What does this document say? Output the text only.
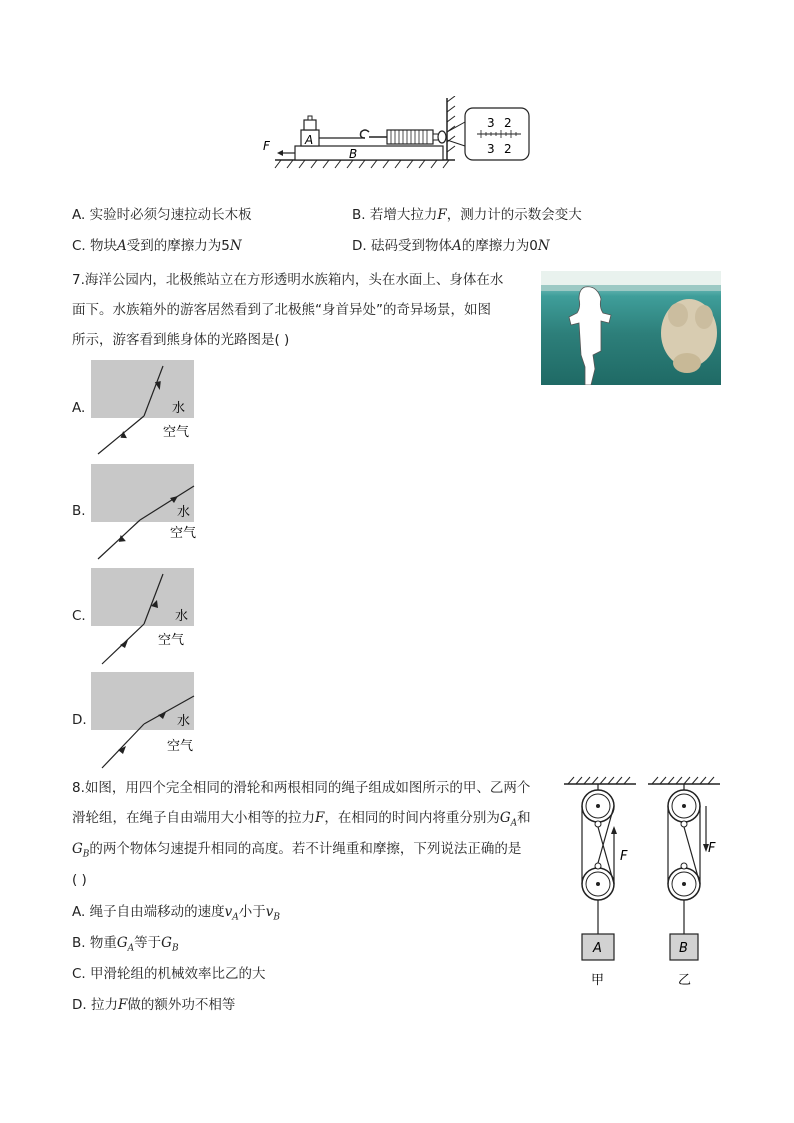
3 2
3 2
F	A
B
A. 实验时必须匀速拉动长木板	B. 若增大拉力F，测力计的示数会变大
C. 物块A受到的摩擦力为5N	D. 砝码受到物体A的摩擦力为0N
7.海洋公园内，北极熊站立在方形透明水族箱内，头在水面上、身体在水
面下。水族箱外的游客居然看到了北极熊“身首异处”的奇异场景，如图
所示，游客看到熊身体的光路图是( )
A.	水
空气
B.	水
空气
C.	水
空气
D.	水
空气
8.如图，用四个完全相同的滑轮和两根相同的绳子组成如图所示的甲、乙两个
滑轮组，在绳子自由端用大小相等的拉力F，在相同的时间内将重分别为$G_A$和
$G_B$的两个物体匀速提升相同的高度。若不计绳重和摩擦，下列说法正确的是
( )
A. 绳子自由端移动的速度$v_A$小于$v_B$
B. 物重$G_A$等于$G_B$
C. 甲滑轮组的机械效率比乙的大
D. 拉力F做的额外功不相等
F
A
甲
F
B
乙
